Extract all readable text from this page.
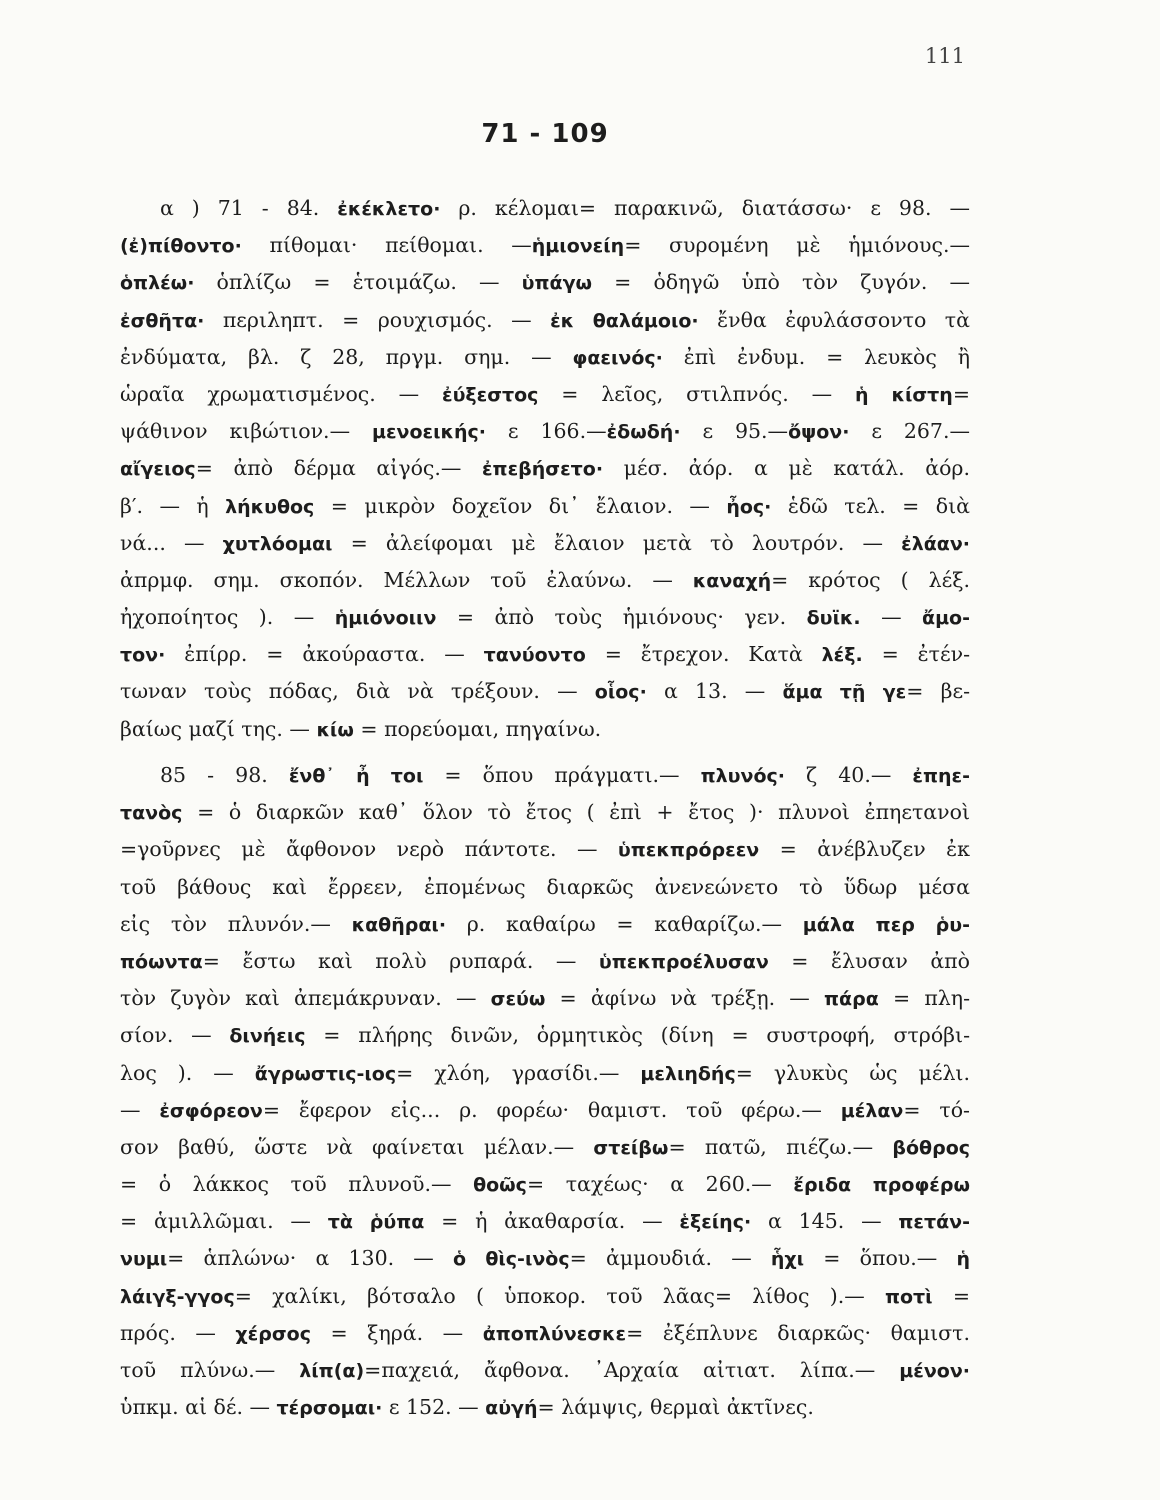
111
71 - 109
α ) 71 - 84. ἐκέκλετο· ρ. κέλομαι= παρακινῶ, διατάσσω· ε 98. —
(ἐ)πίθοντο· πίθομαι· πείθομαι. —ἡμιονείη= συρομένη μὲ ἡμιόνους.—
ὁπλέω· ὁπλίζω = ἑτοιμάζω. — ὑπάγω = ὁδηγῶ ὑπὸ τὸν ζυγόν. —
ἐσθῆτα· περιληπτ. = ρουχισμός. — ἐκ θαλάμοιο· ἔνθα ἐφυλάσσοντο τὰ
ἐνδύματα, βλ. ζ 28, πργμ. σημ. — φαεινός· ἐπὶ ἐνδυμ. = λευκὸς ἢ
ὡραῖα χρωματισμένος. — ἐύξεστος = λεῖος, στιλπνός. — ἡ κίστη=
ψάθινον κιβώτιον.— μενοεικής· ε 166.—ἐδωδή· ε 95.—ὄψον· ε 267.—
αἴγειος= ἀπὸ δέρμα αἰγός.— ἐπεβήσετο· μέσ. ἀόρ. α μὲ κατάλ. ἀόρ.
β′. — ἡ λήκυθος = μικρὸν δοχεῖον δι᾽ ἔλαιον. — ἦος· ἑδῶ τελ. = διὰ
νά... — χυτλόομαι = ἀλείφομαι μὲ ἔλαιον μετὰ τὸ λουτρόν. — ἐλάαν·
ἀπρμφ. σημ. σκοπόν. Μέλλων τοῦ ἐλαύνω. — καναχή= κρότος ( λέξ.
ἠχοποίητος ). — ἡμιόνοιιν = ἀπὸ τοὺς ἡμιόνους· γεν. δυϊκ. — ἄμο-
τον· ἐπίρρ. = ἀκούραστα. — τανύοντο = ἔτρεχον. Κατὰ λέξ. = ἐτέν-
τωναν τοὺς πόδας, διὰ νὰ τρέξουν. — οἷος· α 13. — ἅμα τῇ γε= βε-
βαίως μαζί της. — κίω = πορεύομαι, πηγαίνω.
85 - 98. ἔνθ᾽ ἦ τοι = ὅπου πράγματι.— πλυνός· ζ 40.— ἐπηε-
τανὸς = ὁ διαρκῶν καθ᾽ ὅλον τὸ ἔτος ( ἐπὶ + ἔτος )· πλυνοὶ ἐπηετανοὶ
=γοῦρνες μὲ ἄφθονον νερὸ πάντοτε. — ὑπεκπρόρεεν = ἀνέβλυζεν ἐκ
τοῦ βάθους καὶ ἔρρεεν, ἐπομένως διαρκῶς ἀνενεώνετο τὸ ὕδωρ μέσα
εἰς τὸν πλυνόν.— καθῆραι· ρ. καθαίρω = καθαρίζω.— μάλα περ ῥυ-
πόωντα= ἔστω καὶ πολὺ ρυπαρά. — ὑπεκπροέλυσαν = ἔλυσαν ἀπὸ
τὸν ζυγὸν καὶ ἀπεμάκρυναν. — σεύω = ἀφίνω νὰ τρέξῃ. — πάρα = πλη-
σίον. — δινήεις = πλήρης δινῶν, ὁρμητικὸς (δίνη = συστροφή, στρόβι-
λος ). — ἄγρωστις-ιος= χλόη, γρασίδι.— μελιηδής= γλυκὺς ὡς μέλι.
— ἐσφόρεον= ἔφερον εἰς... ρ. φορέω· θαμιστ. τοῦ φέρω.— μέλαν= τό-
σον βαθύ, ὥστε νὰ φαίνεται μέλαν.— στείβω= πατῶ, πιέζω.— βόθρος
= ὁ λάκκος τοῦ πλυνοῦ.— θοῶς= ταχέως· α 260.— ἔριδα προφέρω
= ἁμιλλῶμαι. — τὰ ῥύπα = ἡ ἀκαθαρσία. — ἑξείης· α 145. — πετάν-
νυμι= ἁπλώνω· α 130. — ὁ θὶς-ινὸς= ἀμμουδιά. — ἧχι = ὅπου.— ἡ
λάιγξ-γγος= χαλίκι, βότσαλο ( ὑποκορ. τοῦ λᾶας= λίθος ).— ποτὶ =
πρός. — χέρσος = ξηρά. — ἀποπλύνεσκε= ἐξέπλυνε διαρκῶς· θαμιστ.
τοῦ πλύνω.— λίπ(α)=παχειά, ἄφθονα. ᾿Αρχαία αἰτιατ. λίπα.— μένον·
ὑπκμ. αἱ δέ. — τέρσομαι· ε 152. — αὐγή= λάμψις, θερμαὶ ἀκτῖνες.
